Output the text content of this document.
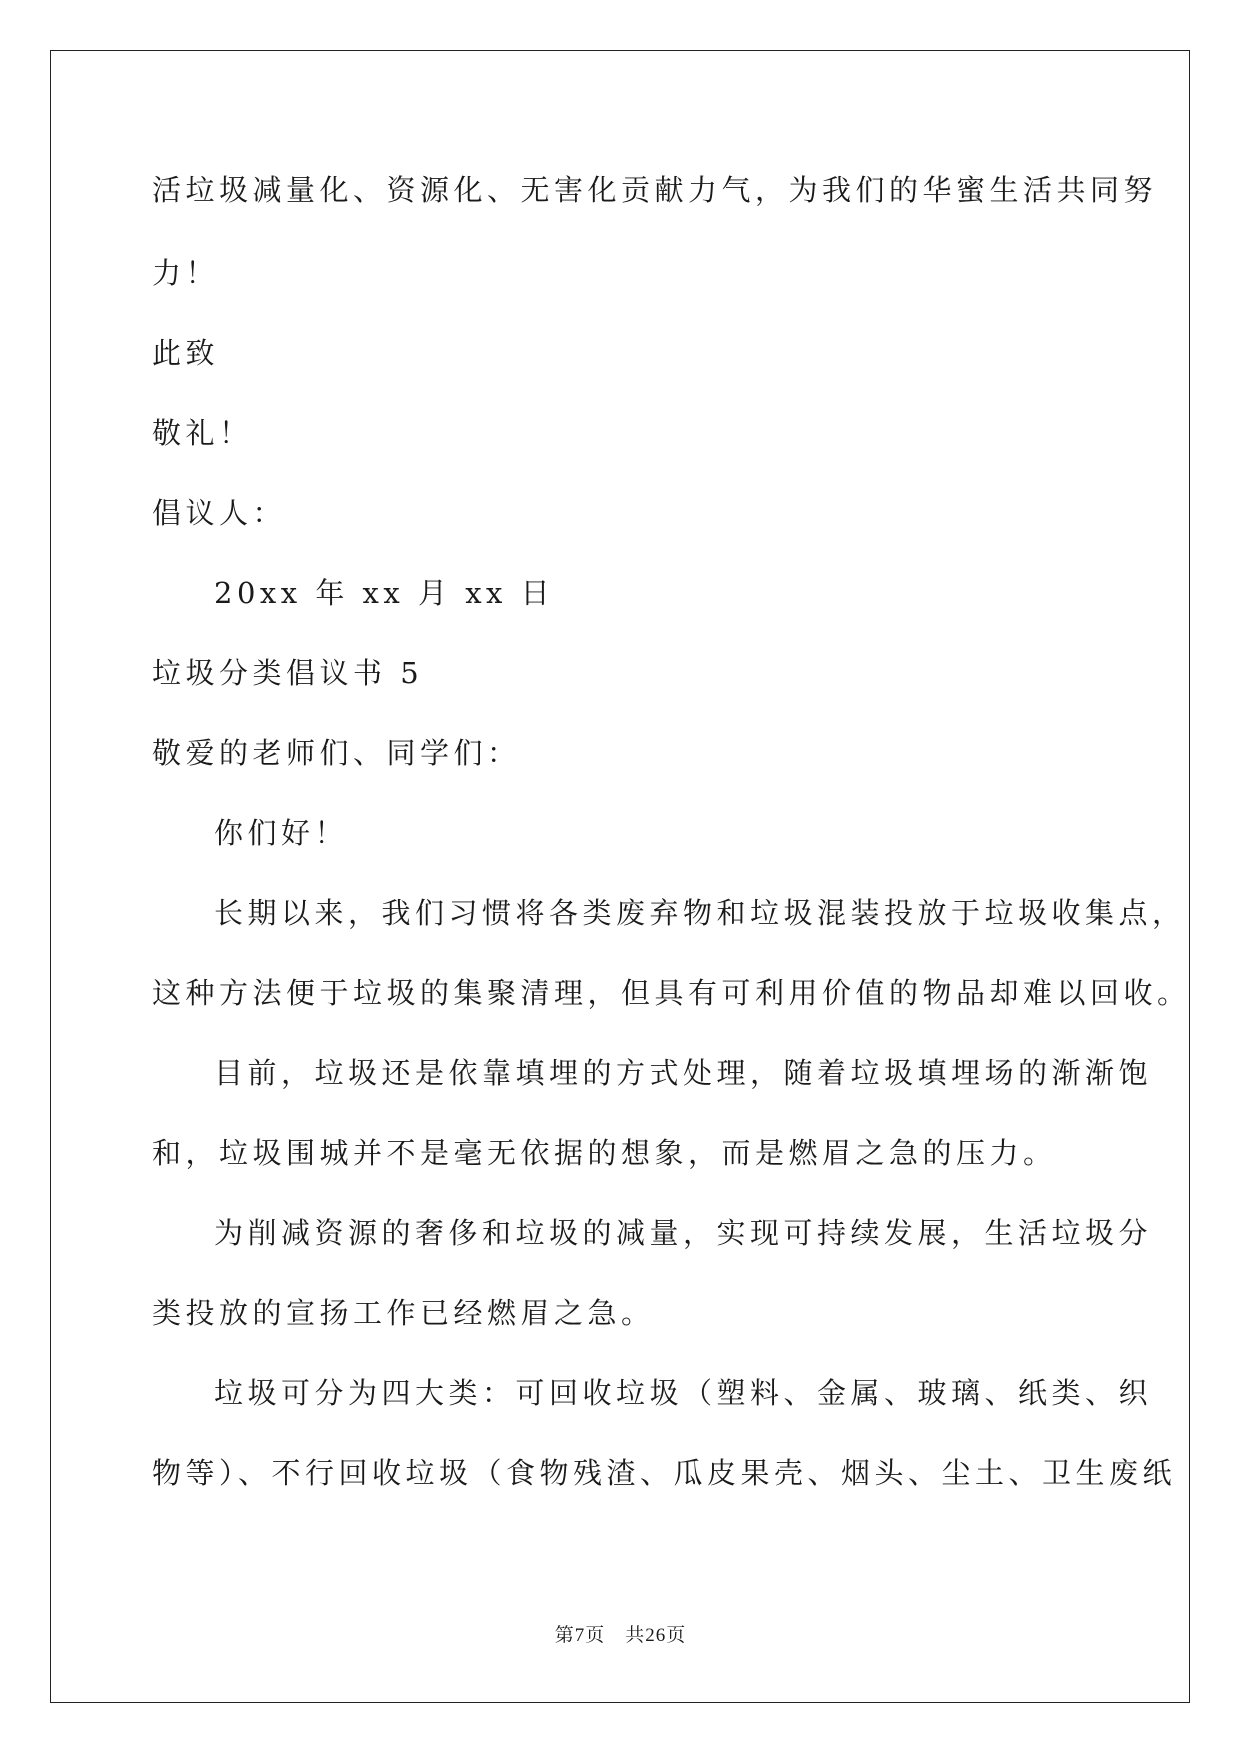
活垃圾减量化、资源化、无害化贡献力气，为我们的华蜜生活共同努
力！
此致
敬礼！
倡议人：
20xx 年 xx 月 xx 日
垃圾分类倡议书 5
敬爱的老师们、同学们：
你们好！
长期以来，我们习惯将各类废弃物和垃圾混装投放于垃圾收集点，
这种方法便于垃圾的集聚清理，但具有可利用价值的物品却难以回收。
目前，垃圾还是依靠填埋的方式处理，随着垃圾填埋场的渐渐饱
和，垃圾围城并不是毫无依据的想象，而是燃眉之急的压力。
为削减资源的奢侈和垃圾的减量，实现可持续发展，生活垃圾分
类投放的宣扬工作已经燃眉之急。
垃圾可分为四大类：可回收垃圾（塑料、金属、玻璃、纸类、织
物等）、不行回收垃圾（食物残渣、瓜皮果壳、烟头、尘土、卫生废纸
第7页　共26页
